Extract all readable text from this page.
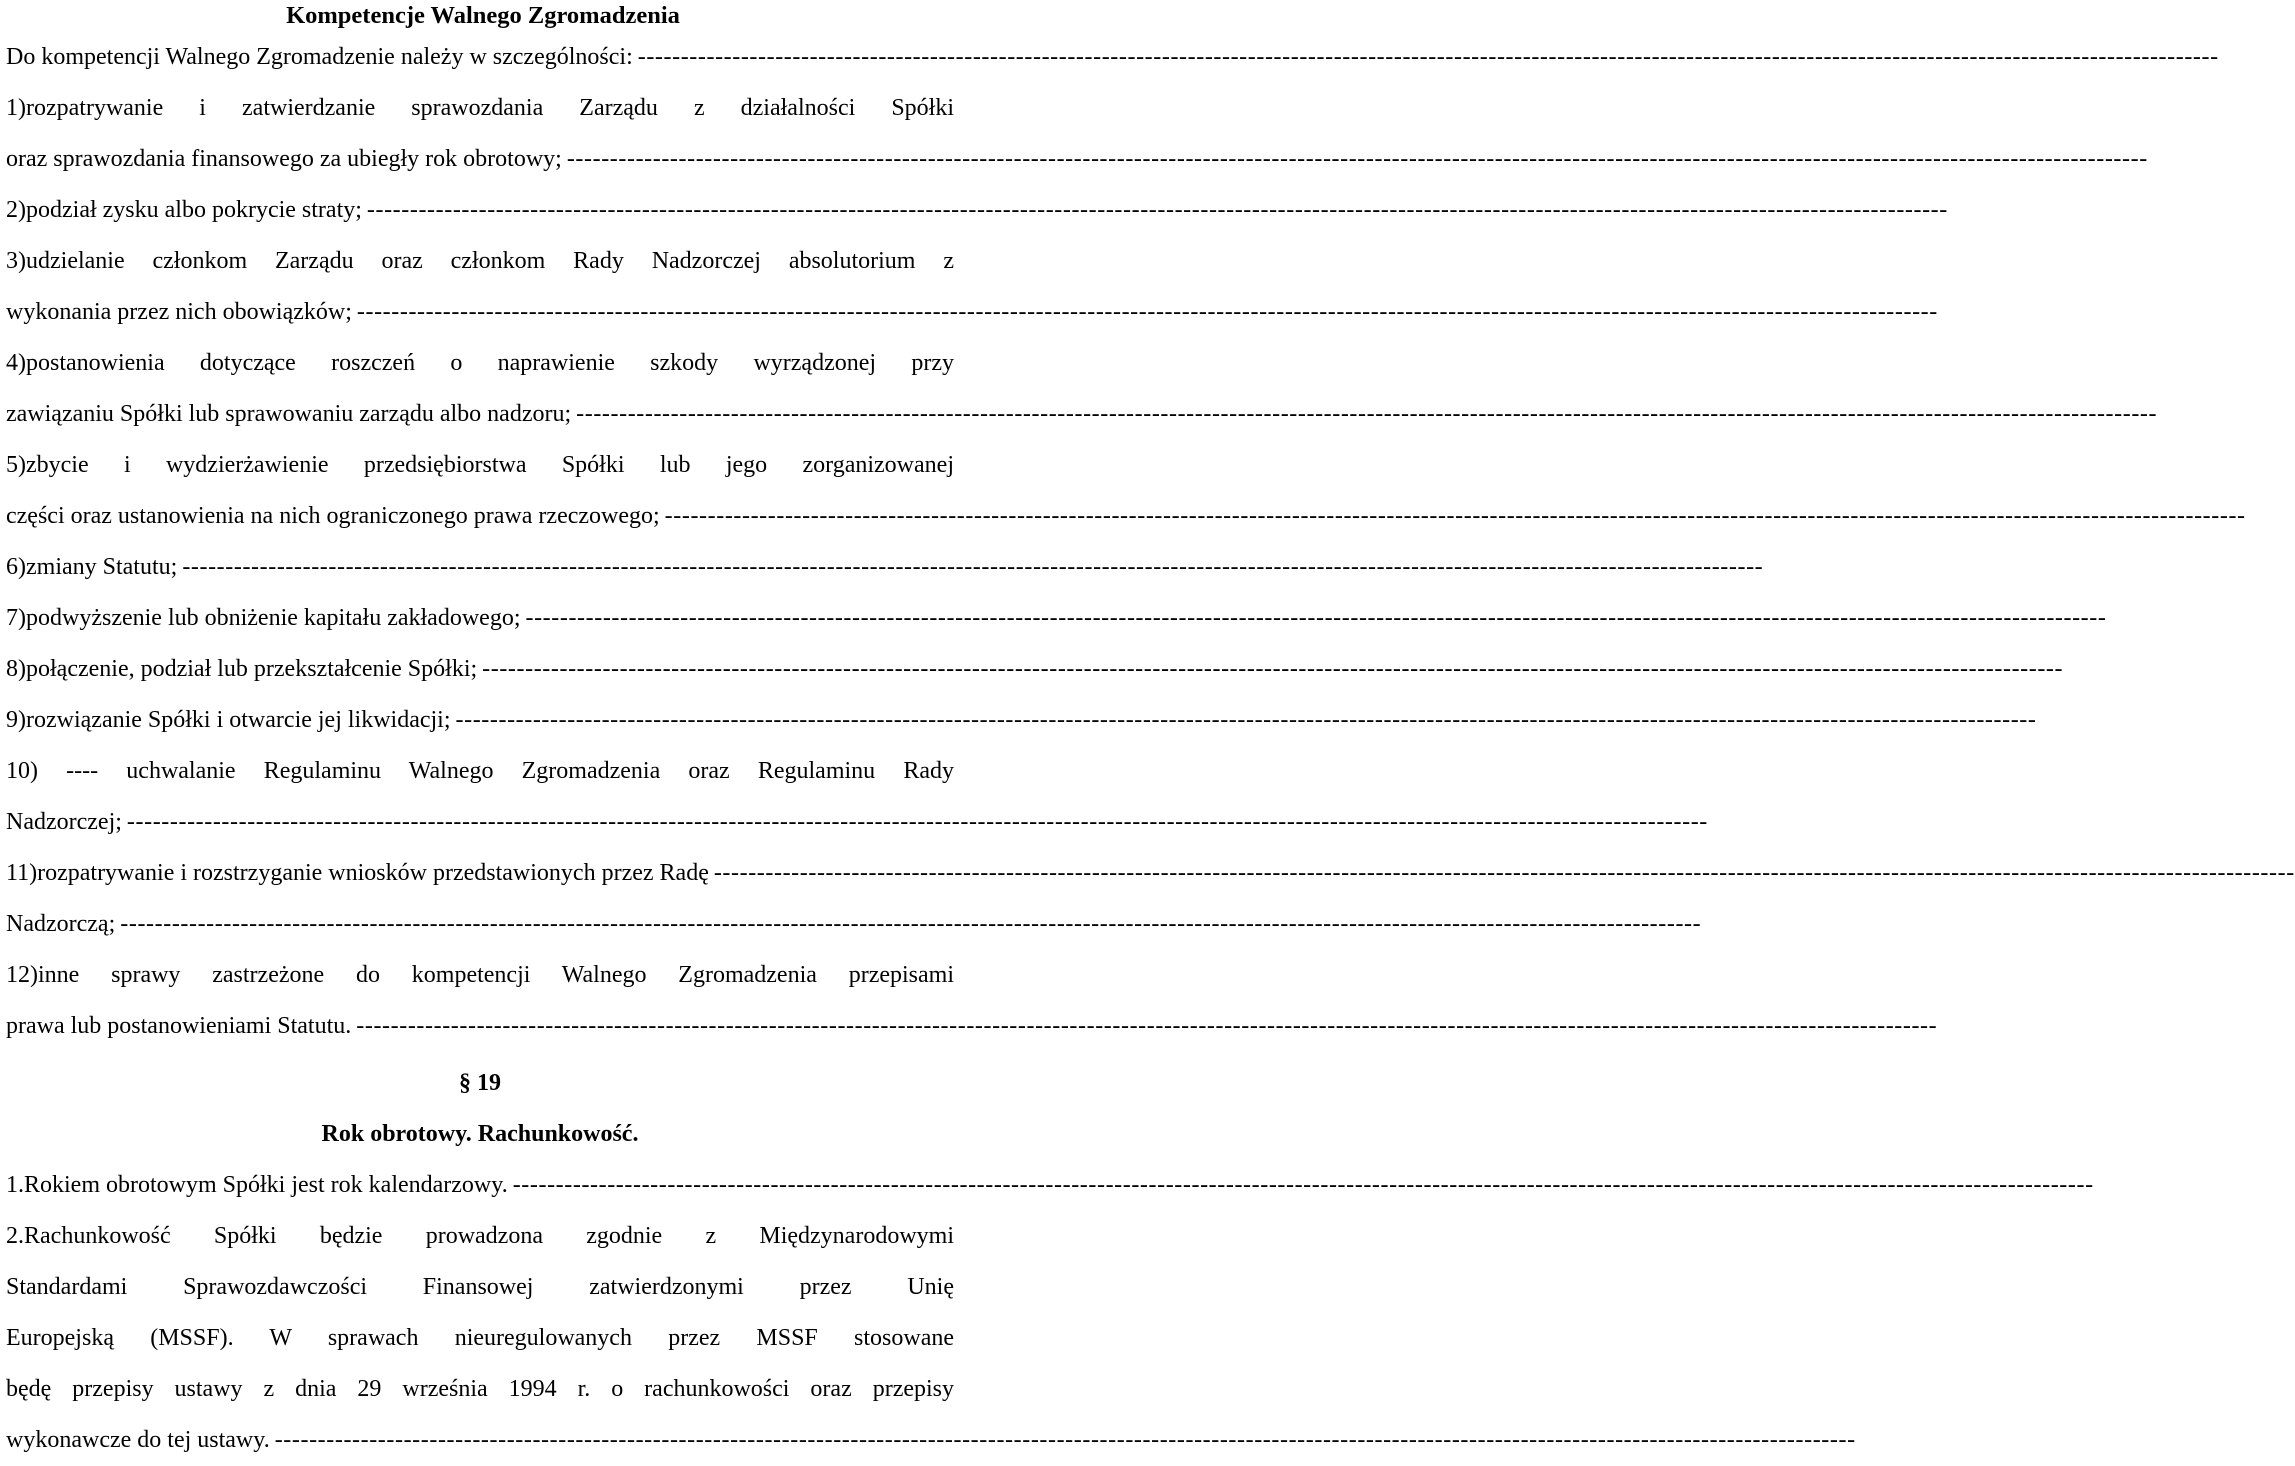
Kompetencje Walnego Zgromadzenia
Do kompetencji Walnego Zgromadzenie należy w szczególności: ----------------------------------------------------------------------------------------------------------------------------------------------------------------------------------------
1)rozpatrywanie i zatwierdzanie sprawozdania Zarządu z działalności Spółki
oraz sprawozdania finansowego za ubiegły rok obrotowy; ----------------------------------------------------------------------------------------------------------------------------------------------------------------------------------------
2)podział zysku albo pokrycie straty; ----------------------------------------------------------------------------------------------------------------------------------------------------------------------------------------
3)udzielanie członkom Zarządu oraz członkom Rady Nadzorczej absolutorium z
wykonania przez nich obowiązków; ----------------------------------------------------------------------------------------------------------------------------------------------------------------------------------------
4)postanowienia dotyczące roszczeń o naprawienie szkody wyrządzonej przy
zawiązaniu Spółki lub sprawowaniu zarządu albo nadzoru; ----------------------------------------------------------------------------------------------------------------------------------------------------------------------------------------
5)zbycie i wydzierżawienie przedsiębiorstwa Spółki lub jego zorganizowanej
części oraz ustanowienia na nich ograniczonego prawa rzeczowego; ----------------------------------------------------------------------------------------------------------------------------------------------------------------------------------------
6)zmiany Statutu; ----------------------------------------------------------------------------------------------------------------------------------------------------------------------------------------
7)podwyższenie lub obniżenie kapitału zakładowego; ----------------------------------------------------------------------------------------------------------------------------------------------------------------------------------------
8)połączenie, podział lub przekształcenie Spółki; ----------------------------------------------------------------------------------------------------------------------------------------------------------------------------------------
9)rozwiązanie Spółki i otwarcie jej likwidacji; ----------------------------------------------------------------------------------------------------------------------------------------------------------------------------------------
10) ---- uchwalanie Regulaminu Walnego Zgromadzenia oraz Regulaminu Rady
Nadzorczej; ----------------------------------------------------------------------------------------------------------------------------------------------------------------------------------------
11)rozpatrywanie i rozstrzyganie wniosków przedstawionych przez Radę ----------------------------------------------------------------------------------------------------------------------------------------------------------------------------------------
Nadzorczą; ----------------------------------------------------------------------------------------------------------------------------------------------------------------------------------------
12)inne sprawy zastrzeżone do kompetencji Walnego Zgromadzenia przepisami
prawa lub postanowieniami Statutu. ----------------------------------------------------------------------------------------------------------------------------------------------------------------------------------------
§ 19
Rok obrotowy. Rachunkowość.
1.Rokiem obrotowym Spółki jest rok kalendarzowy. ----------------------------------------------------------------------------------------------------------------------------------------------------------------------------------------
2.Rachunkowość Spółki będzie prowadzona zgodnie z Międzynarodowymi
Standardami Sprawozdawczości Finansowej zatwierdzonymi przez Unię
Europejską (MSSF). W sprawach nieuregulowanych przez MSSF stosowane
będę przepisy ustawy z dnia 29 września 1994 r. o rachunkowości oraz przepisy
wykonawcze do tej ustawy. ----------------------------------------------------------------------------------------------------------------------------------------------------------------------------------------
